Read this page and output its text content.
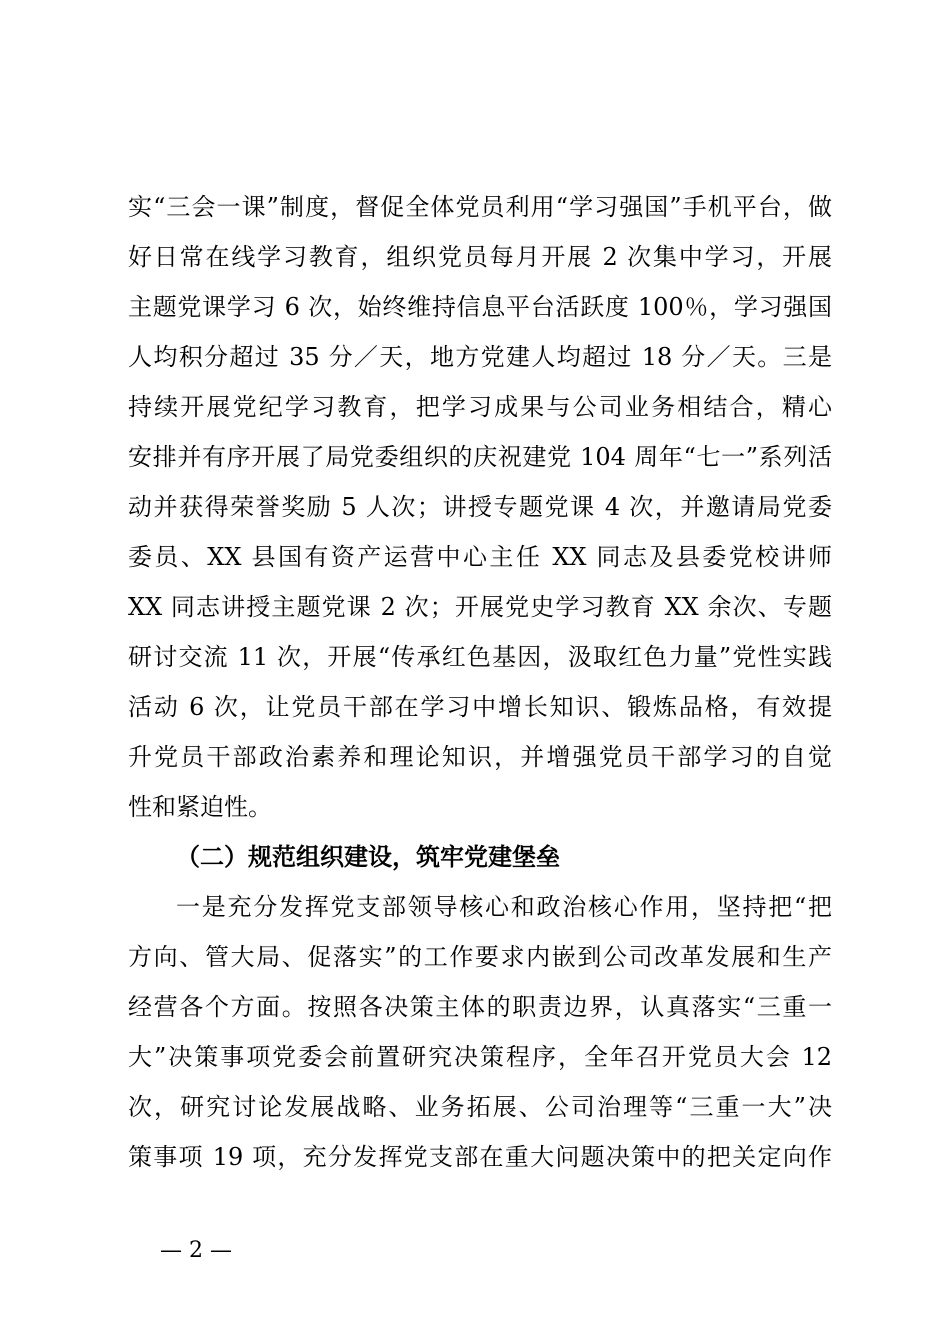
实“三会一课”制度，督促全体党员利用“学习强国”手机平台，做
好日常在线学习教育，组织党员每月开展 2 次集中学习，开展
主题党课学习 6 次，始终维持信息平台活跃度 100％，学习强国
人均积分超过 35 分／天，地方党建人均超过 18 分／天。三是
持续开展党纪学习教育，把学习成果与公司业务相结合，精心
安排并有序开展了局党委组织的庆祝建党 104 周年“七一”系列活
动并获得荣誉奖励 5 人次；讲授专题党课 4 次，并邀请局党委
委员、XX 县国有资产运营中心主任 XX 同志及县委党校讲师
XX 同志讲授主题党课 2 次；开展党史学习教育 XX 余次、专题
研讨交流 11 次，开展“传承红色基因，汲取红色力量”党性实践
活动 6 次，让党员干部在学习中增长知识、锻炼品格，有效提
升党员干部政治素养和理论知识，并增强党员干部学习的自觉
性和紧迫性。
（二）规范组织建设，筑牢党建堡垒
一是充分发挥党支部领导核心和政治核心作用，坚持把“把
方向、管大局、促落实”的工作要求内嵌到公司改革发展和生产
经营各个方面。按照各决策主体的职责边界，认真落实“三重一
大”决策事项党委会前置研究决策程序，全年召开党员大会 12
次，研究讨论发展战略、业务拓展、公司治理等“三重一大”决
策事项 19 项，充分发挥党支部在重大问题决策中的把关定向作
— 2 —
